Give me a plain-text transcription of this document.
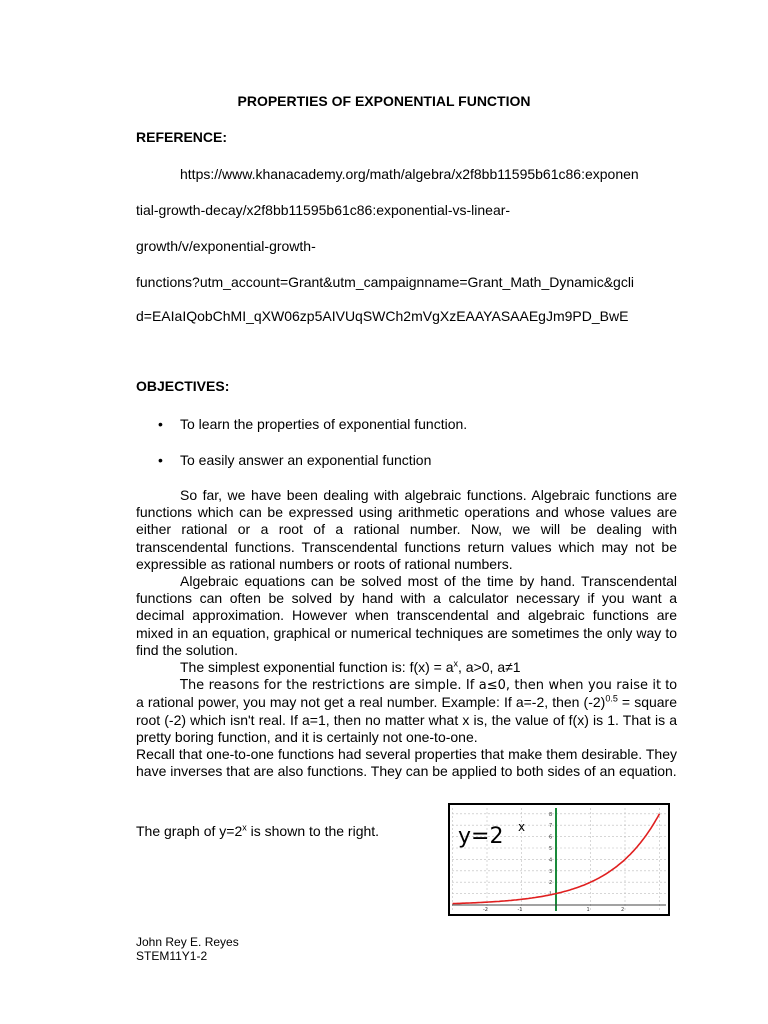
PROPERTIES OF EXPONENTIAL FUNCTION
REFERENCE:
https://www.khanacademy.org/math/algebra/x2f8bb11595b61c86:exponen
tial-growth-decay/x2f8bb11595b61c86:exponential-vs-linear-
growth/v/exponential-growth-
functions?utm_account=Grant&utm_campaignname=Grant_Math_Dynamic&gcli
d=EAIaIQobChMI_qXW06zp5AIVUqSWCh2mVgXzEAAYASAAEgJm9PD_BwE
OBJECTIVES:
• To learn the properties of exponential function.
• To easily answer an exponential function

So far, we have been dealing with algebraic functions. Algebraic functions are functions which can be expressed using arithmetic operations and whose values are either rational or a root of a rational number. Now, we will be dealing with transcendental functions. Transcendental functions return values which may not be expressible as rational numbers or roots of rational numbers.

Algebraic equations can be solved most of the time by hand. Transcendental functions can often be solved by hand with a calculator necessary if you want a decimal approximation. However when transcendental and algebraic functions are mixed in an equation, graphical or numerical techniques are sometimes the only way to find the solution.

The simplest exponential function is: $f(x) = a^x$, a>0, a≠1

The reasons for the restrictions are simple. If a≤0, then when you raise it to a rational power, you may not get a real number. Example: If a=-2, then $(-2)^{0.5}$ = square root (-2) which isn't real. If a=1, then no matter what x is, the value of f(x) is 1. That is a pretty boring function, and it is certainly not one-to-one.

Recall that one-to-one functions had several properties that make them desirable. They have inverses that are also functions. They can be applied to both sides of an equation.

The graph of $y=2^x$ is shown to the right.
-2	-1	1	2
1
2
3
4
5
6
7
8
y=2 x
John Rey E. Reyes
STEM11Y1-2
